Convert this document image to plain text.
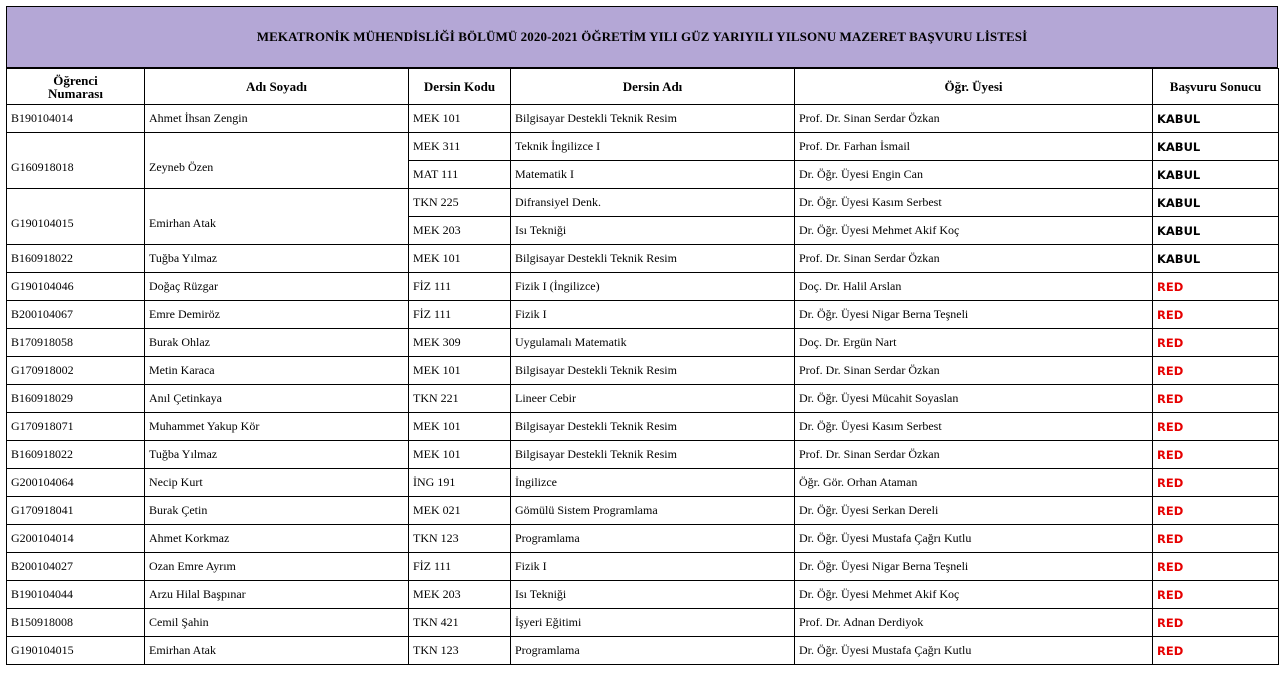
MEKATRONİK MÜHENDİSLİĞİ BÖLÜMÜ 2020-2021 ÖĞRETİM YILI GÜZ YARIYILI YILSONU MAZERET BAŞVURU LİSTESİ
Öğrenci
Numarası	Adı Soyadı	Dersin Kodu	Dersin Adı	Öğr. Üyesi	Başvuru Sonucu
B190104014	Ahmet İhsan Zengin	MEK 101	Bilgisayar Destekli Teknik Resim	Prof. Dr. Sinan Serdar Özkan	KABUL
G160918018	Zeyneb Özen	MEK 311	Teknik İngilizce I	Prof. Dr. Farhan İsmail	KABUL
		MAT 111	Matematik I	Dr. Öğr. Üyesi Engin Can	KABUL
G190104015	Emirhan Atak	TKN 225	Difransiyel Denk.	Dr. Öğr. Üyesi Kasım Serbest	KABUL
		MEK 203	Isı Tekniği	Dr. Öğr. Üyesi Mehmet Akif Koç	KABUL
B160918022	Tuğba Yılmaz	MEK 101	Bilgisayar Destekli Teknik Resim	Prof. Dr. Sinan Serdar Özkan	KABUL
G190104046	Doğaç Rüzgar	FİZ 111	Fizik I (İngilizce)	Doç. Dr. Halil Arslan	RED
B200104067	Emre Demiröz	FİZ 111	Fizik I	Dr. Öğr. Üyesi Nigar Berna Teşneli	RED
B170918058	Burak Ohlaz	MEK 309	Uygulamalı Matematik	Doç. Dr. Ergün Nart	RED
G170918002	Metin Karaca	MEK 101	Bilgisayar Destekli Teknik Resim	Prof. Dr. Sinan Serdar Özkan	RED
B160918029	Anıl Çetinkaya	TKN 221	Lineer Cebir	Dr. Öğr. Üyesi Mücahit Soyaslan	RED
G170918071	Muhammet Yakup Kör	MEK 101	Bilgisayar Destekli Teknik Resim	Dr. Öğr. Üyesi Kasım Serbest	RED
B160918022	Tuğba Yılmaz	MEK 101	Bilgisayar Destekli Teknik Resim	Prof. Dr. Sinan Serdar Özkan	RED
G200104064	Necip Kurt	İNG 191	İngilizce	Öğr. Gör. Orhan Ataman	RED
G170918041	Burak Çetin	MEK 021	Gömülü Sistem Programlama	Dr. Öğr. Üyesi Serkan Dereli	RED
G200104014	Ahmet Korkmaz	TKN 123	Programlama	Dr. Öğr. Üyesi Mustafa Çağrı Kutlu	RED
B200104027	Ozan Emre Ayrım	FİZ 111	Fizik I	Dr. Öğr. Üyesi Nigar Berna Teşneli	RED
B190104044	Arzu Hilal Başpınar	MEK 203	Isı Tekniği	Dr. Öğr. Üyesi Mehmet Akif Koç	RED
B150918008	Cemil Şahin	TKN 421	İşyeri Eğitimi	Prof. Dr. Adnan Derdiyok	RED
G190104015	Emirhan Atak	TKN 123	Programlama	Dr. Öğr. Üyesi Mustafa Çağrı Kutlu	RED
